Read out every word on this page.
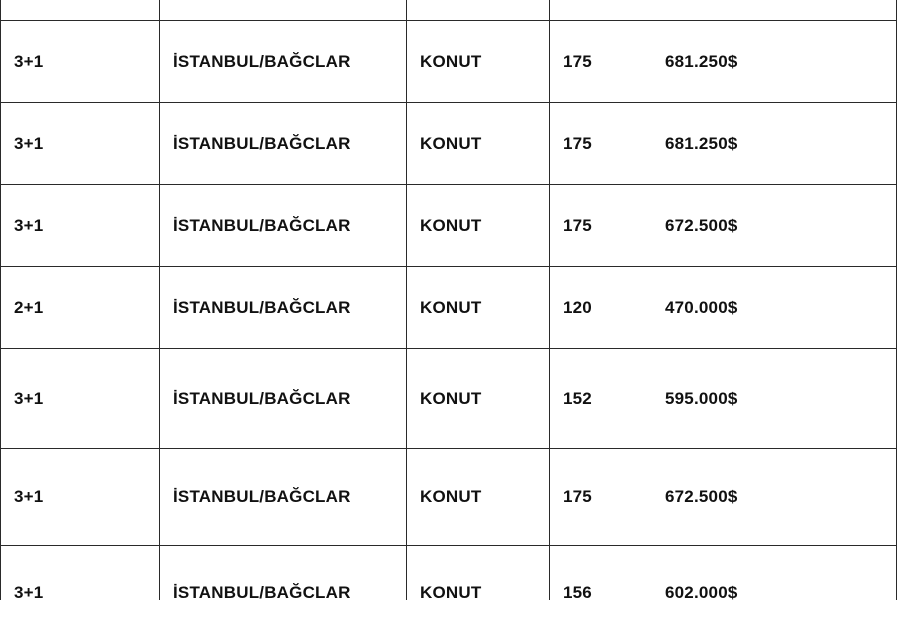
3+1	İSTANBUL/BAĞCLAR	KONUT	175	681.250$
3+1	İSTANBUL/BAĞCLAR	KONUT	175	681.250$
3+1	İSTANBUL/BAĞCLAR	KONUT	175	672.500$
2+1	İSTANBUL/BAĞCLAR	KONUT	120	470.000$
3+1	İSTANBUL/BAĞCLAR	KONUT	152	595.000$
3+1	İSTANBUL/BAĞCLAR	KONUT	175	672.500$
3+1	İSTANBUL/BAĞCLAR	KONUT	156	602.000$
